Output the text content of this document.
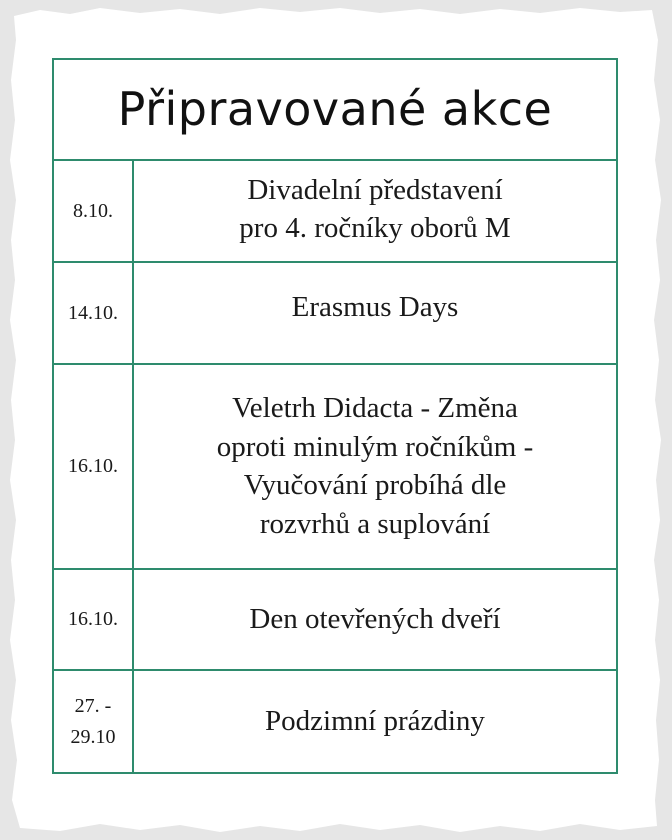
Připravované akce
8.10.
Divadelní představení
pro 4. ročníky oborů M
14.10.	Erasmus Days
16.10.
Veletrh Didacta - Změna
oproti minulým ročníkům -
Vyučování probíhá dle
rozvrhů a suplování
16.10.	Den otevřených dveří
27. -
29.10	Podzimní prázdiny
